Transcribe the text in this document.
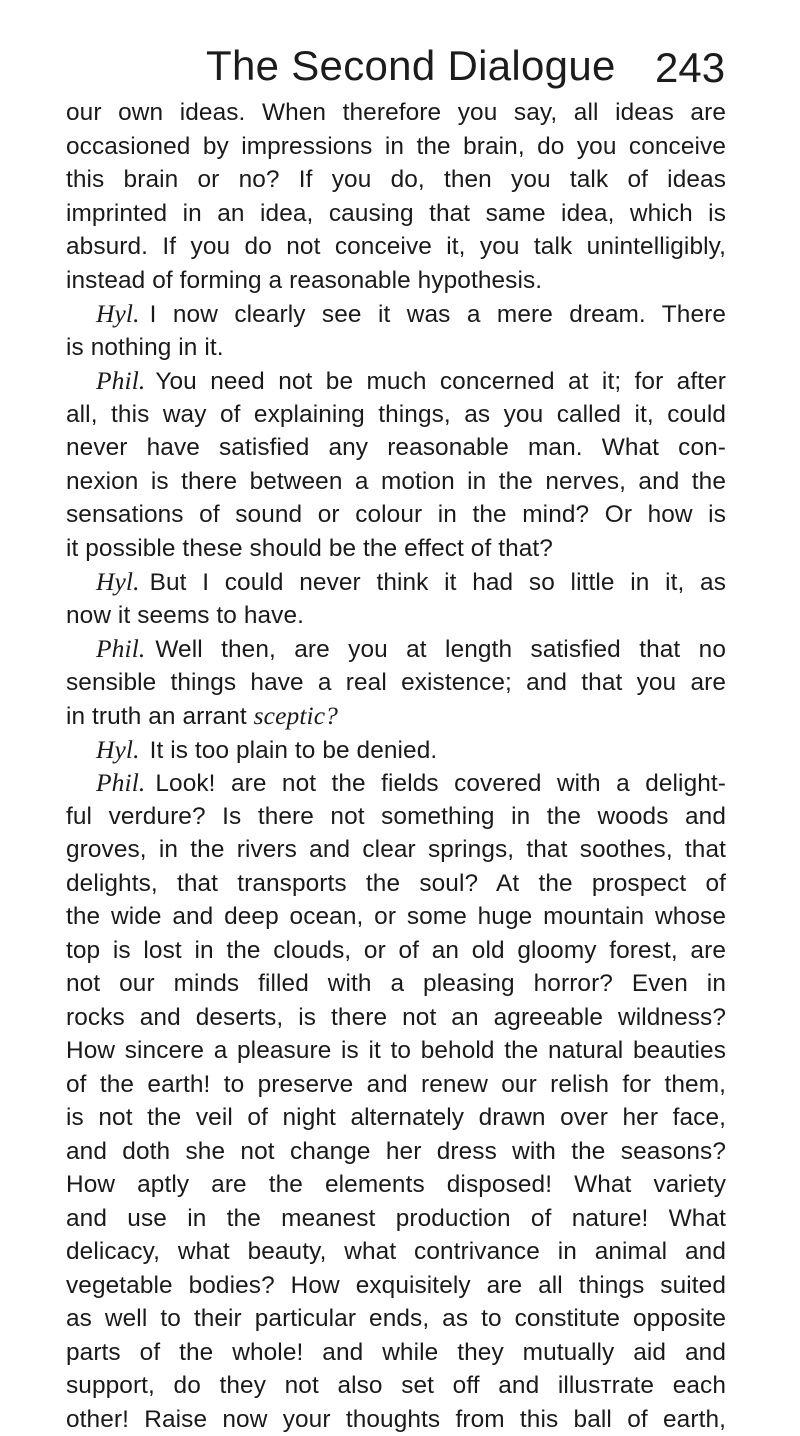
The Second Dialogue 243
our own ideas. When therefore you say, all ideas are
occasioned by impressions in the brain, do you conceive
this brain or no? If you do, then you talk of ideas
imprinted in an idea, causing that same idea, which is
absurd. If you do not conceive it, you talk unintelligibly,
instead of forming a reasonable hypothesis.
Hyl. I now clearly see it was a mere dream. There
is nothing in it.
Phil. You need not be much concerned at it; for after
all, this way of explaining things, as you called it, could
never have satisfied any reasonable man. What con-
nexion is there between a motion in the nerves, and the
sensations of sound or colour in the mind? Or how is
it possible these should be the effect of that?
Hyl. But I could never think it had so little in it, as
now it seems to have.
Phil. Well then, are you at length satisfied that no
sensible things have a real existence; and that you are
in truth an arrant sceptic?
Hyl. It is too plain to be denied.
Phil. Look! are not the fields covered with a delight-
ful verdure? Is there not something in the woods and
groves, in the rivers and clear springs, that soothes, that
delights, that transports the soul? At the prospect of
the wide and deep ocean, or some huge mountain whose
top is lost in the clouds, or of an old gloomy forest, are
not our minds filled with a pleasing horror? Even in
rocks and deserts, is there not an agreeable wildness?
How sincere a pleasure is it to behold the natural beauties
of the earth! to preserve and renew our relish for them,
is not the veil of night alternately drawn over her face,
and doth she not change her dress with the seasons?
How aptly are the elements disposed! What variety
and use in the meanest production of nature! What
delicacy, what beauty, what contrivance in animal and
vegetable bodies? How exquisitely are all things suited
as well to their particular ends, as to constitute opposite
parts of the whole! and while they mutually aid and
support, do they not also set off and illusᴛrate each
other! Raise now your thoughts from this ball of earth,
